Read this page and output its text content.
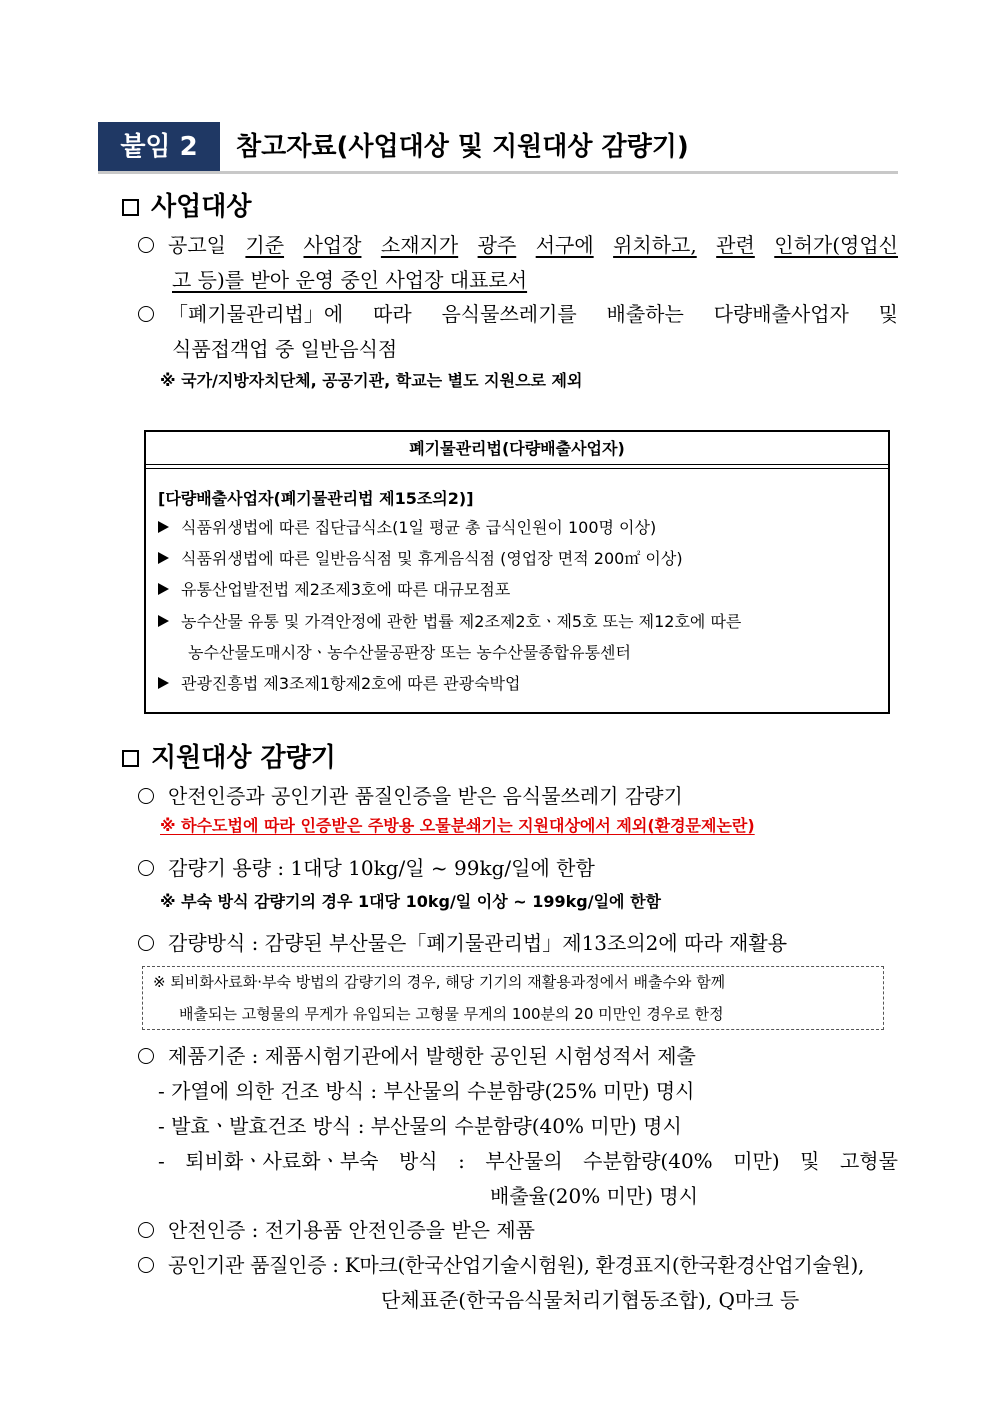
붙임 2	참고자료(사업대상 및 지원대상 감량기)
사업대상
공고일 기준 사업장 소재지가 광주 서구에 위치하고, 관련 인허가(영업신
고 등)를 받아 운영 중인 사업장 대표로서
「폐기물관리법」에 따라 음식물쓰레기를 배출하는 다량배출사업자 및
식품접객업 중 일반음식점
※ 국가/지방자치단체, 공공기관, 학교는 별도 지원으로 제외
폐기물관리법(다량배출사업자)
[다량배출사업자(폐기물관리법 제15조의2)]
식품위생법에 따른 집단급식소(1일 평균 총 급식인원이 100명 이상)
식품위생법에 따른 일반음식점 및 휴게음식점 (영업장 면적 200㎡ 이상)
유통산업발전법 제2조제3호에 따른 대규모점포
농수산물 유통 및 가격안정에 관한 법률 제2조제2호ㆍ제5호 또는 제12호에 따른
농수산물도매시장ㆍ농수산물공판장 또는 농수산물종합유통센터
관광진흥법 제3조제1항제2호에 따른 관광숙박업
지원대상 감량기
안전인증과 공인기관 품질인증을 받은 음식물쓰레기 감량기
※ 하수도법에 따라 인증받은 주방용 오물분쇄기는 지원대상에서 제외(환경문제논란)
감량기 용량 : 1대당 10kg/일 ~ 99kg/일에 한함
※ 부숙 방식 감량기의 경우 1대당 10kg/일 이상 ~ 199kg/일에 한함
감량방식 : 감량된 부산물은「폐기물관리법」제13조의2에 따라 재활용
※ 퇴비화사료화·부숙 방법의 감량기의 경우, 해당 기기의 재활용과정에서 배출수와 함께
배출되는 고형물의 무게가 유입되는 고형물 무게의 100분의 20 미만인 경우로 한정
제품기준 : 제품시험기관에서 발행한 공인된 시험성적서 제출
- 가열에 의한 건조 방식 : 부산물의 수분함량(25% 미만) 명시
- 발효ㆍ발효건조 방식 : 부산물의 수분함량(40% 미만) 명시
- 퇴비화ㆍ사료화ㆍ부숙 방식 : 부산물의 수분함량(40% 미만) 및 고형물
배출율(20% 미만) 명시
안전인증 : 전기용품 안전인증을 받은 제품
공인기관 품질인증 : K마크(한국산업기술시험원), 환경표지(한국환경산업기술원),
단체표준(한국음식물처리기협동조합), Q마크 등
